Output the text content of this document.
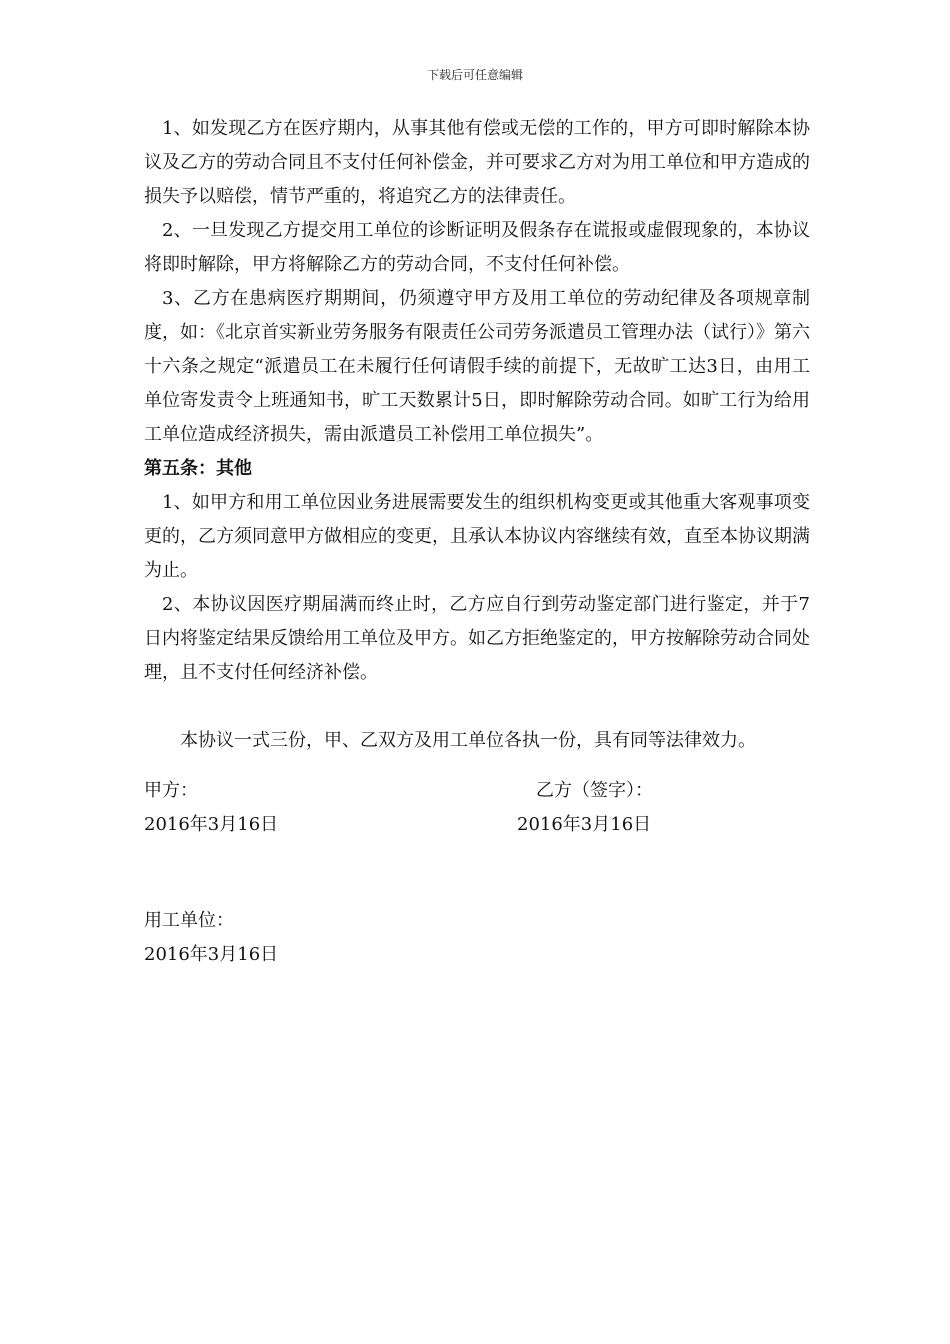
下载后可任意编辑

1、如发现乙方在医疗期内，从事其他有偿或无偿的工作的，甲方可即时解除本协议及乙方的劳动合同且不支付任何补偿金，并可要求乙方对为用工单位和甲方造成的损失予以赔偿，情节严重的，将追究乙方的法律责任。

2、一旦发现乙方提交用工单位的诊断证明及假条存在谎报或虚假现象的，本协议将即时解除，甲方将解除乙方的劳动合同，不支付任何补偿。

3、乙方在患病医疗期期间，仍须遵守甲方及用工单位的劳动纪律及各项规章制度，如：《北京首实新业劳务服务有限责任公司劳务派遣员工管理办法（试行）》第六十六条之规定“派遣员工在未履行任何请假手续的前提下，无故旷工达3日，由用工单位寄发责令上班通知书，旷工天数累计5日，即时解除劳动合同。如旷工行为给用工单位造成经济损失，需由派遣员工补偿用工单位损失”。

第五条：其他

1、如甲方和用工单位因业务进展需要发生的组织机构变更或其他重大客观事项变更的，乙方须同意甲方做相应的变更，且承认本协议内容继续有效，直至本协议期满为止。

2、本协议因医疗期届满而终止时，乙方应自行到劳动鉴定部门进行鉴定，并于7日内将鉴定结果反馈给用工单位及甲方。如乙方拒绝鉴定的，甲方按解除劳动合同处理，且不支付任何经济补偿。

本协议一式三份，甲、乙双方及用工单位各执一份，具有同等法律效力。

甲方：	乙方（签字）：
2016年3月16日	2016年3月16日
用工单位：
2016年3月16日
